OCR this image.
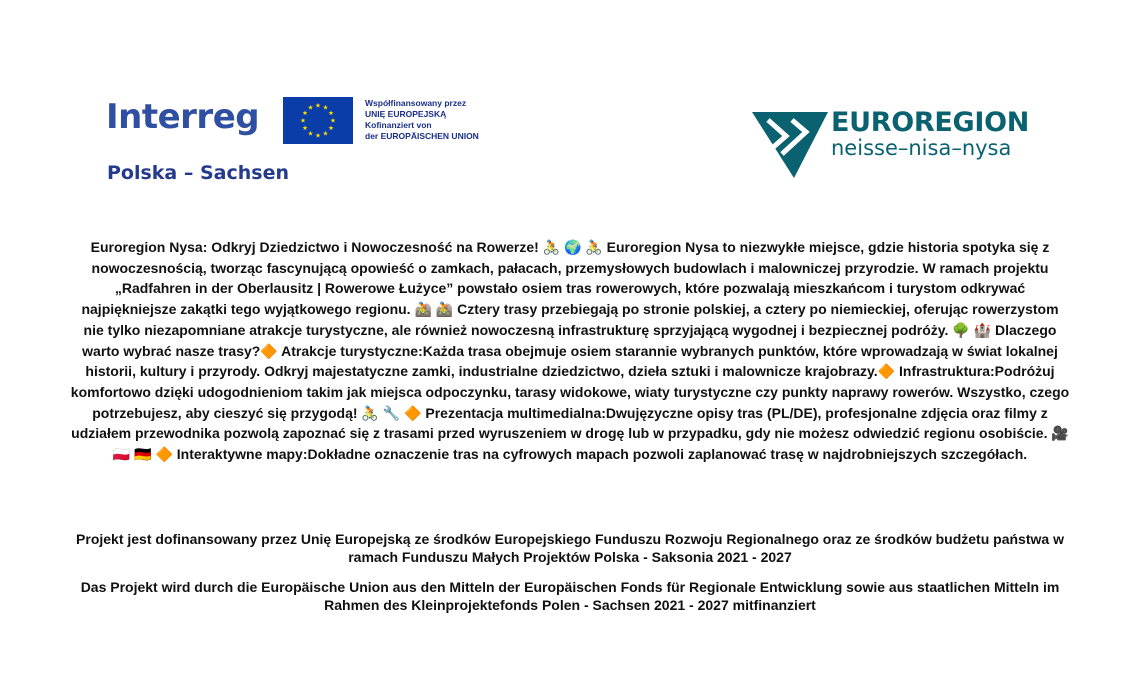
Interreg
Polska – Sachsen
Współfinansowany przez
UNIĘ EUROPEJSKĄ
Kofinanziert von
der EUROPÄISCHEN UNION	EUROREGION
neisse–nisa–nysa
Euroregion Nysa: Odkryj Dziedzictwo i Nowoczesność na Rowerze! 🚴 🌍 🚴 Euroregion Nysa to niezwykłe miejsce, gdzie historia spotyka się z nowoczesnością, tworząc fascynującą opowieść o zamkach, pałacach, przemysłowych budowlach i malowniczej przyrodzie. W ramach projektu „Radfahren in der Oberlausitz | Rowerowe Łużyce” powstało osiem tras rowerowych, które pozwalają mieszkańcom i turystom odkrywać najpiękniejsze zakątki tego wyjątkowego regionu. 🚵 🚵 Cztery trasy przebiegają po stronie polskiej, a cztery po niemieckiej, oferując rowerzystom nie tylko niezapomniane atrakcje turystyczne, ale również nowoczesną infrastrukturę sprzyjającą wygodnej i bezpiecznej podróży. 🌳 🏰 Dlaczego warto wybrać nasze trasy?🔶 Atrakcje turystyczne:Każda trasa obejmuje osiem starannie wybranych punktów, które wprowadzają w świat lokalnej historii, kultury i przyrody. Odkryj majestatyczne zamki, industrialne dziedzictwo, dzieła sztuki i malownicze krajobrazy.🔶 Infrastruktura:Podróżuj komfortowo dzięki udogodnieniom takim jak miejsca odpoczynku, tarasy widokowe, wiaty turystyczne czy punkty naprawy rowerów. Wszystko, czego potrzebujesz, aby cieszyć się przygodą! 🚴 🔧 🔶 Prezentacja multimedialna:Dwujęzyczne opisy tras (PL/DE), profesjonalne zdjęcia oraz filmy z udziałem przewodnika pozwolą zapoznać się z trasami przed wyruszeniem w drogę lub w przypadku, gdy nie możesz odwiedzić regionu osobiście. 🎥 🇵🇱 🇩🇪 🔶 Interaktywne mapy:Dokładne oznaczenie tras na cyfrowych mapach pozwoli zaplanować trasę w najdrobniejszych szczegółach.
Projekt jest dofinansowany przez Unię Europejską ze środków Europejskiego Funduszu Rozwoju Regionalnego oraz ze środków budżetu państwa w ramach Funduszu Małych Projektów Polska - Saksonia 2021 - 2027
Das Projekt wird durch die Europäische Union aus den Mitteln der Europäischen Fonds für Regionale Entwicklung sowie aus staatlichen Mitteln im Rahmen des Kleinprojektefonds Polen - Sachsen 2021 - 2027 mitfinanziert
